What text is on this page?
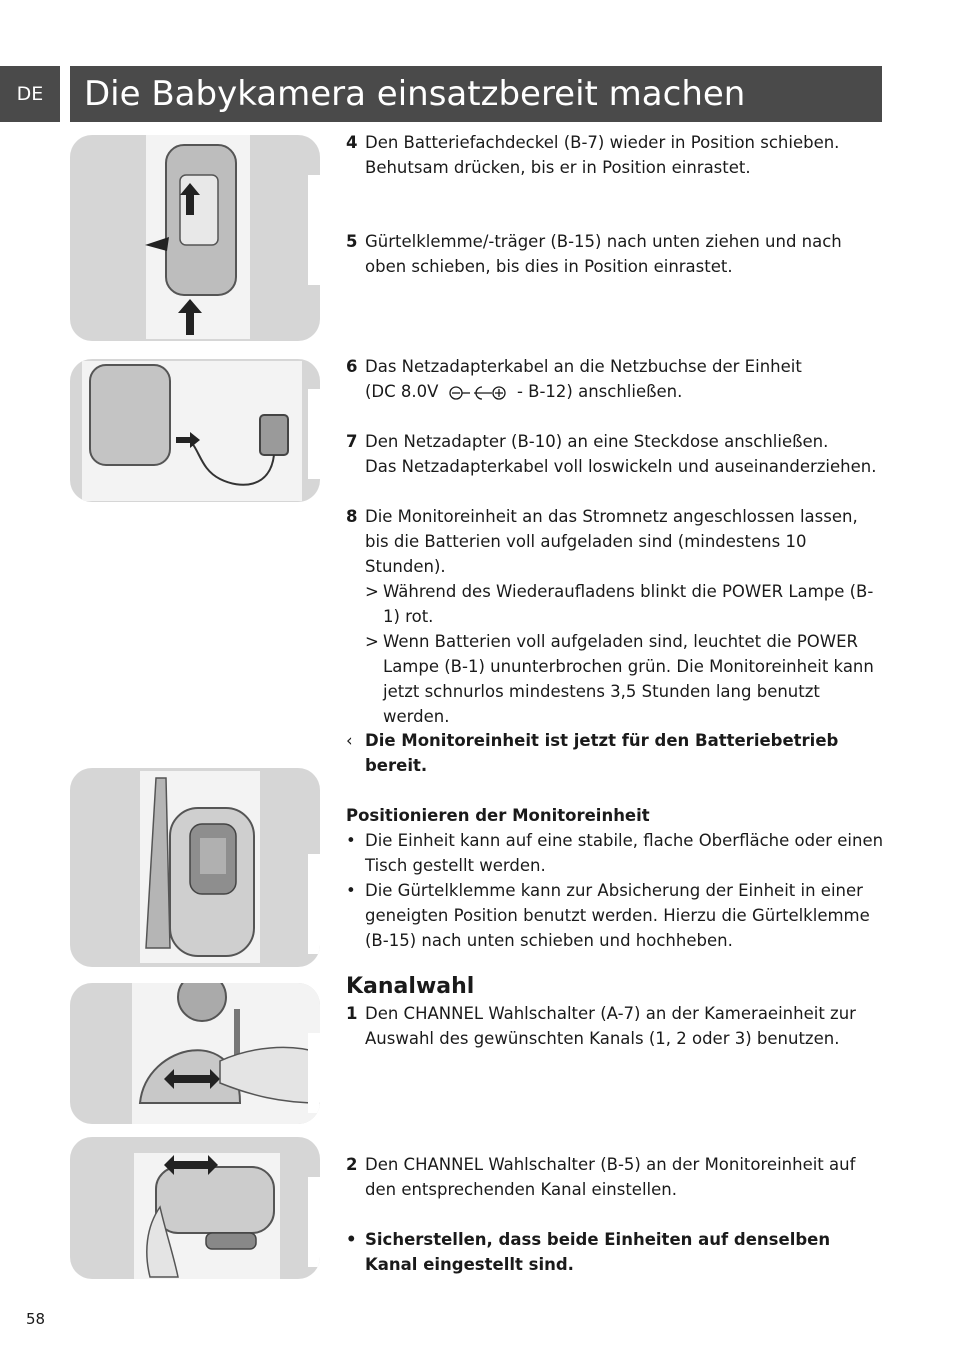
DE	Die Babykamera einsatzbereit machen
4 Den Batteriefachdeckel (B-7) wieder in Position schieben. Behutsam drücken, bis er in Position einrastet.
5 Gürtelklemme/-träger (B-15) nach unten ziehen und nach oben schieben, bis dies in Position einrastet.
6 Das Netzadapterkabel an die Netzbuchse der Einheit
(DC 8.0V	- B-12) anschließen.
7 Den Netzadapter (B-10) an eine Steckdose anschließen.
Das Netzadapterkabel voll loswickeln und auseinanderziehen.
8 Die Monitoreinheit an das Stromnetz angeschlossen lassen, bis die Batterien voll aufgeladen sind (mindestens 10 Stunden).
> Während des Wiederaufladens blinkt die POWER Lampe (B-1) rot.
> Wenn Batterien voll aufgeladen sind, leuchtet die POWER Lampe (B-1) ununterbrochen grün. Die Monitoreinheit kann jetzt schnurlos mindestens 3,5 Stunden lang benutzt werden.
‹ Die Monitoreinheit ist jetzt für den Batteriebetrieb bereit.
Positionieren der Monitoreinheit
• Die Einheit kann auf eine stabile, flache Oberfläche oder einen Tisch gestellt werden.
• Die Gürtelklemme kann zur Absicherung der Einheit in einer geneigten Position benutzt werden. Hierzu die Gürtelklemme (B-15) nach unten schieben und hochheben.
Kanalwahl
1 Den CHANNEL Wahlschalter (A-7) an der Kameraeinheit zur Auswahl des gewünschten Kanals (1, 2 oder 3) benutzen.
2 Den CHANNEL Wahlschalter (B-5) an der Monitoreinheit auf den entsprechenden Kanal einstellen.
• Sicherstellen, dass beide Einheiten auf denselben Kanal eingestellt sind.
58
